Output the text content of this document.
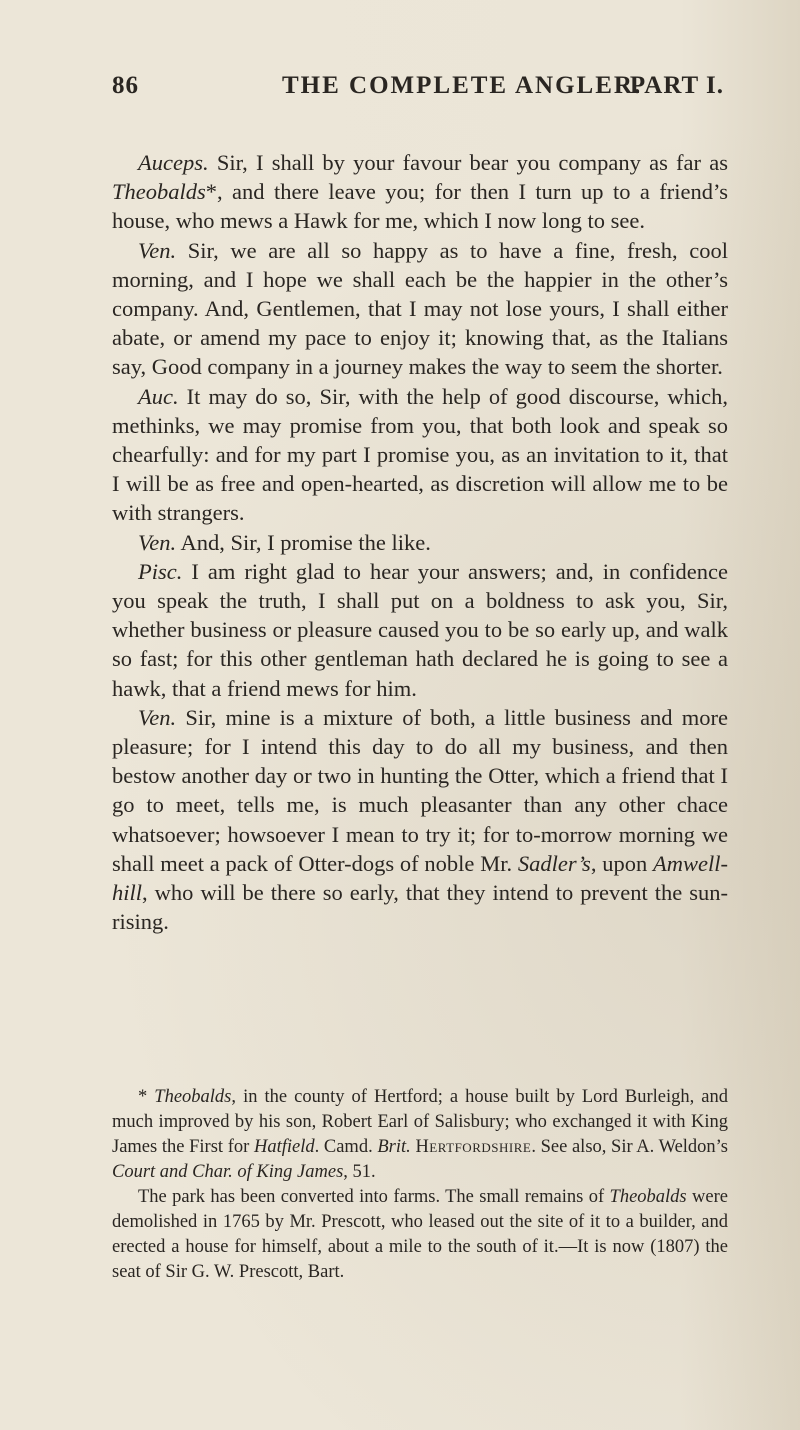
86	THE COMPLETE ANGLER.
PART I.

Auceps. Sir, I shall by your favour bear you company as far as Theobalds*, and there leave you; for then I turn up to a friend’s house, who mews a Hawk for me, which I now long to see.

Ven. Sir, we are all so happy as to have a fine, fresh, cool morning, and I hope we shall each be the happier in the other’s company. And, Gentlemen, that I may not lose yours, I shall either abate, or amend my pace to enjoy it; knowing that, as the Italians say, Good company in a journey makes the way to seem the shorter.

Auc. It may do so, Sir, with the help of good discourse, which, methinks, we may promise from you, that both look and speak so chearfully: and for my part I promise you, as an invitation to it, that I will be as free and open-hearted, as discretion will allow me to be with strangers.

Ven. And, Sir, I promise the like.

Pisc. I am right glad to hear your answers; and, in confidence you speak the truth, I shall put on a boldness to ask you, Sir, whether business or pleasure caused you to be so early up, and walk so fast; for this other gentleman hath declared he is going to see a hawk, that a friend mews for him.

Ven. Sir, mine is a mixture of both, a little business and more pleasure; for I intend this day to do all my business, and then bestow another day or two in hunting the Otter, which a friend that I go to meet, tells me, is much pleasanter than any other chace whatsoever; howsoever I mean to try it; for to-morrow morning we shall meet a pack of Otter-dogs of noble Mr. Sadler’s, upon Amwell-hill, who will be there so early, that they intend to prevent the sun-rising.

* Theobalds, in the county of Hertford; a house built by Lord Burleigh, and much improved by his son, Robert Earl of Salisbury; who exchanged it with King James the First for Hatfield. Camd. Brit. Hertfordshire. See also, Sir A. Weldon’s Court and Char. of King James, 51.

The park has been converted into farms. The small remains of Theobalds were demolished in 1765 by Mr. Prescott, who leased out the site of it to a builder, and erected a house for himself, about a mile to the south of it.—It is now (1807) the seat of Sir G. W. Prescott, Bart.
